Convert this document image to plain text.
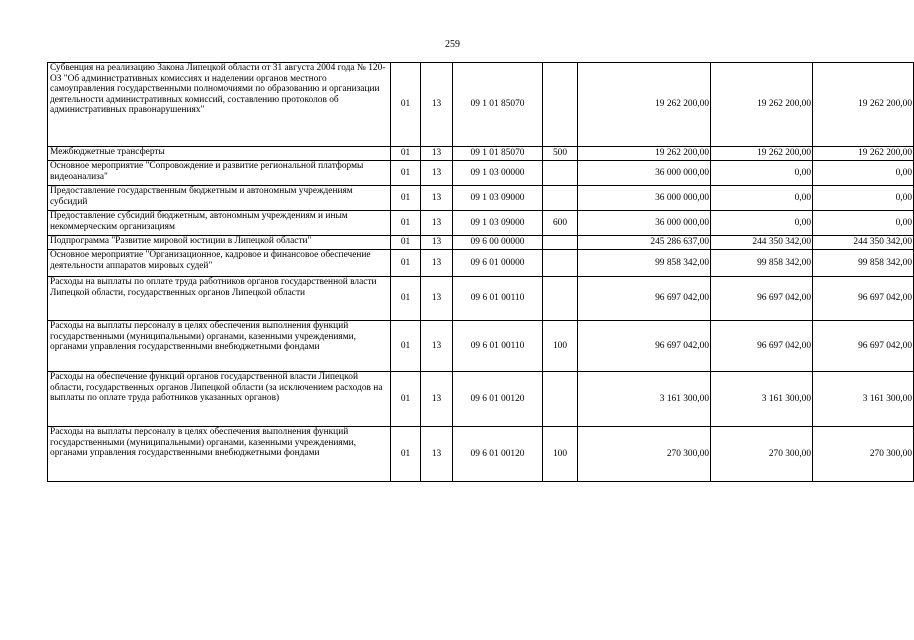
259
Субвенция на реализацию Закона Липецкой области от 31 августа 2004 года № 120-ОЗ "Об административных комиссиях и наделении органов местного самоуправления государственными полномочиями по образованию и организации деятельности административных комиссий, составлению протоколов об административных правонарушениях"	01	13	09 1 01 85070		19 262 200,00	19 262 200,00	19 262 200,00
Межбюджетные трансферты	01	13	09 1 01 85070	500	19 262 200,00	19 262 200,00	19 262 200,00
Основное мероприятие "Сопровождение и развитие региональной платформы видеоанализа"	01	13	09 1 03 00000		36 000 000,00	0,00	0,00
Предоставление государственным бюджетным и автономным учреждениям субсидий	01	13	09 1 03 09000		36 000 000,00	0,00	0,00
Предоставление субсидий бюджетным, автономным учреждениям и иным некоммерческим организациям	01	13	09 1 03 09000	600	36 000 000,00	0,00	0,00
Подпрограмма "Развитие мировой юстиции в Липецкой области"	01	13	09 6 00 00000		245 286 637,00	244 350 342,00	244 350 342,00
Основное мероприятие "Организационное, кадровое и финансовое обеспечение деятельности аппаратов мировых судей"	01	13	09 6 01 00000		99 858 342,00	99 858 342,00	99 858 342,00
Расходы на выплаты по оплате труда работников органов государственной власти Липецкой области, государственных органов Липецкой области	01	13	09 6 01 00110		96 697 042,00	96 697 042,00	96 697 042,00
Расходы на выплаты персоналу в целях обеспечения выполнения функций государственными (муниципальными) органами, казенными учреждениями, органами управления государственными внебюджетными фондами	01	13	09 6 01 00110	100	96 697 042,00	96 697 042,00	96 697 042,00
Расходы на обеспечение функций органов государственной власти Липецкой области, государственных органов Липецкой области (за исключением расходов на выплаты по оплате труда работников указанных органов)	01	13	09 6 01 00120		3 161 300,00	3 161 300,00	3 161 300,00
Расходы на выплаты персоналу в целях обеспечения выполнения функций государственными (муниципальными) органами, казенными учреждениями, органами управления государственными внебюджетными фондами	01	13	09 6 01 00120	100	270 300,00	270 300,00	270 300,00
